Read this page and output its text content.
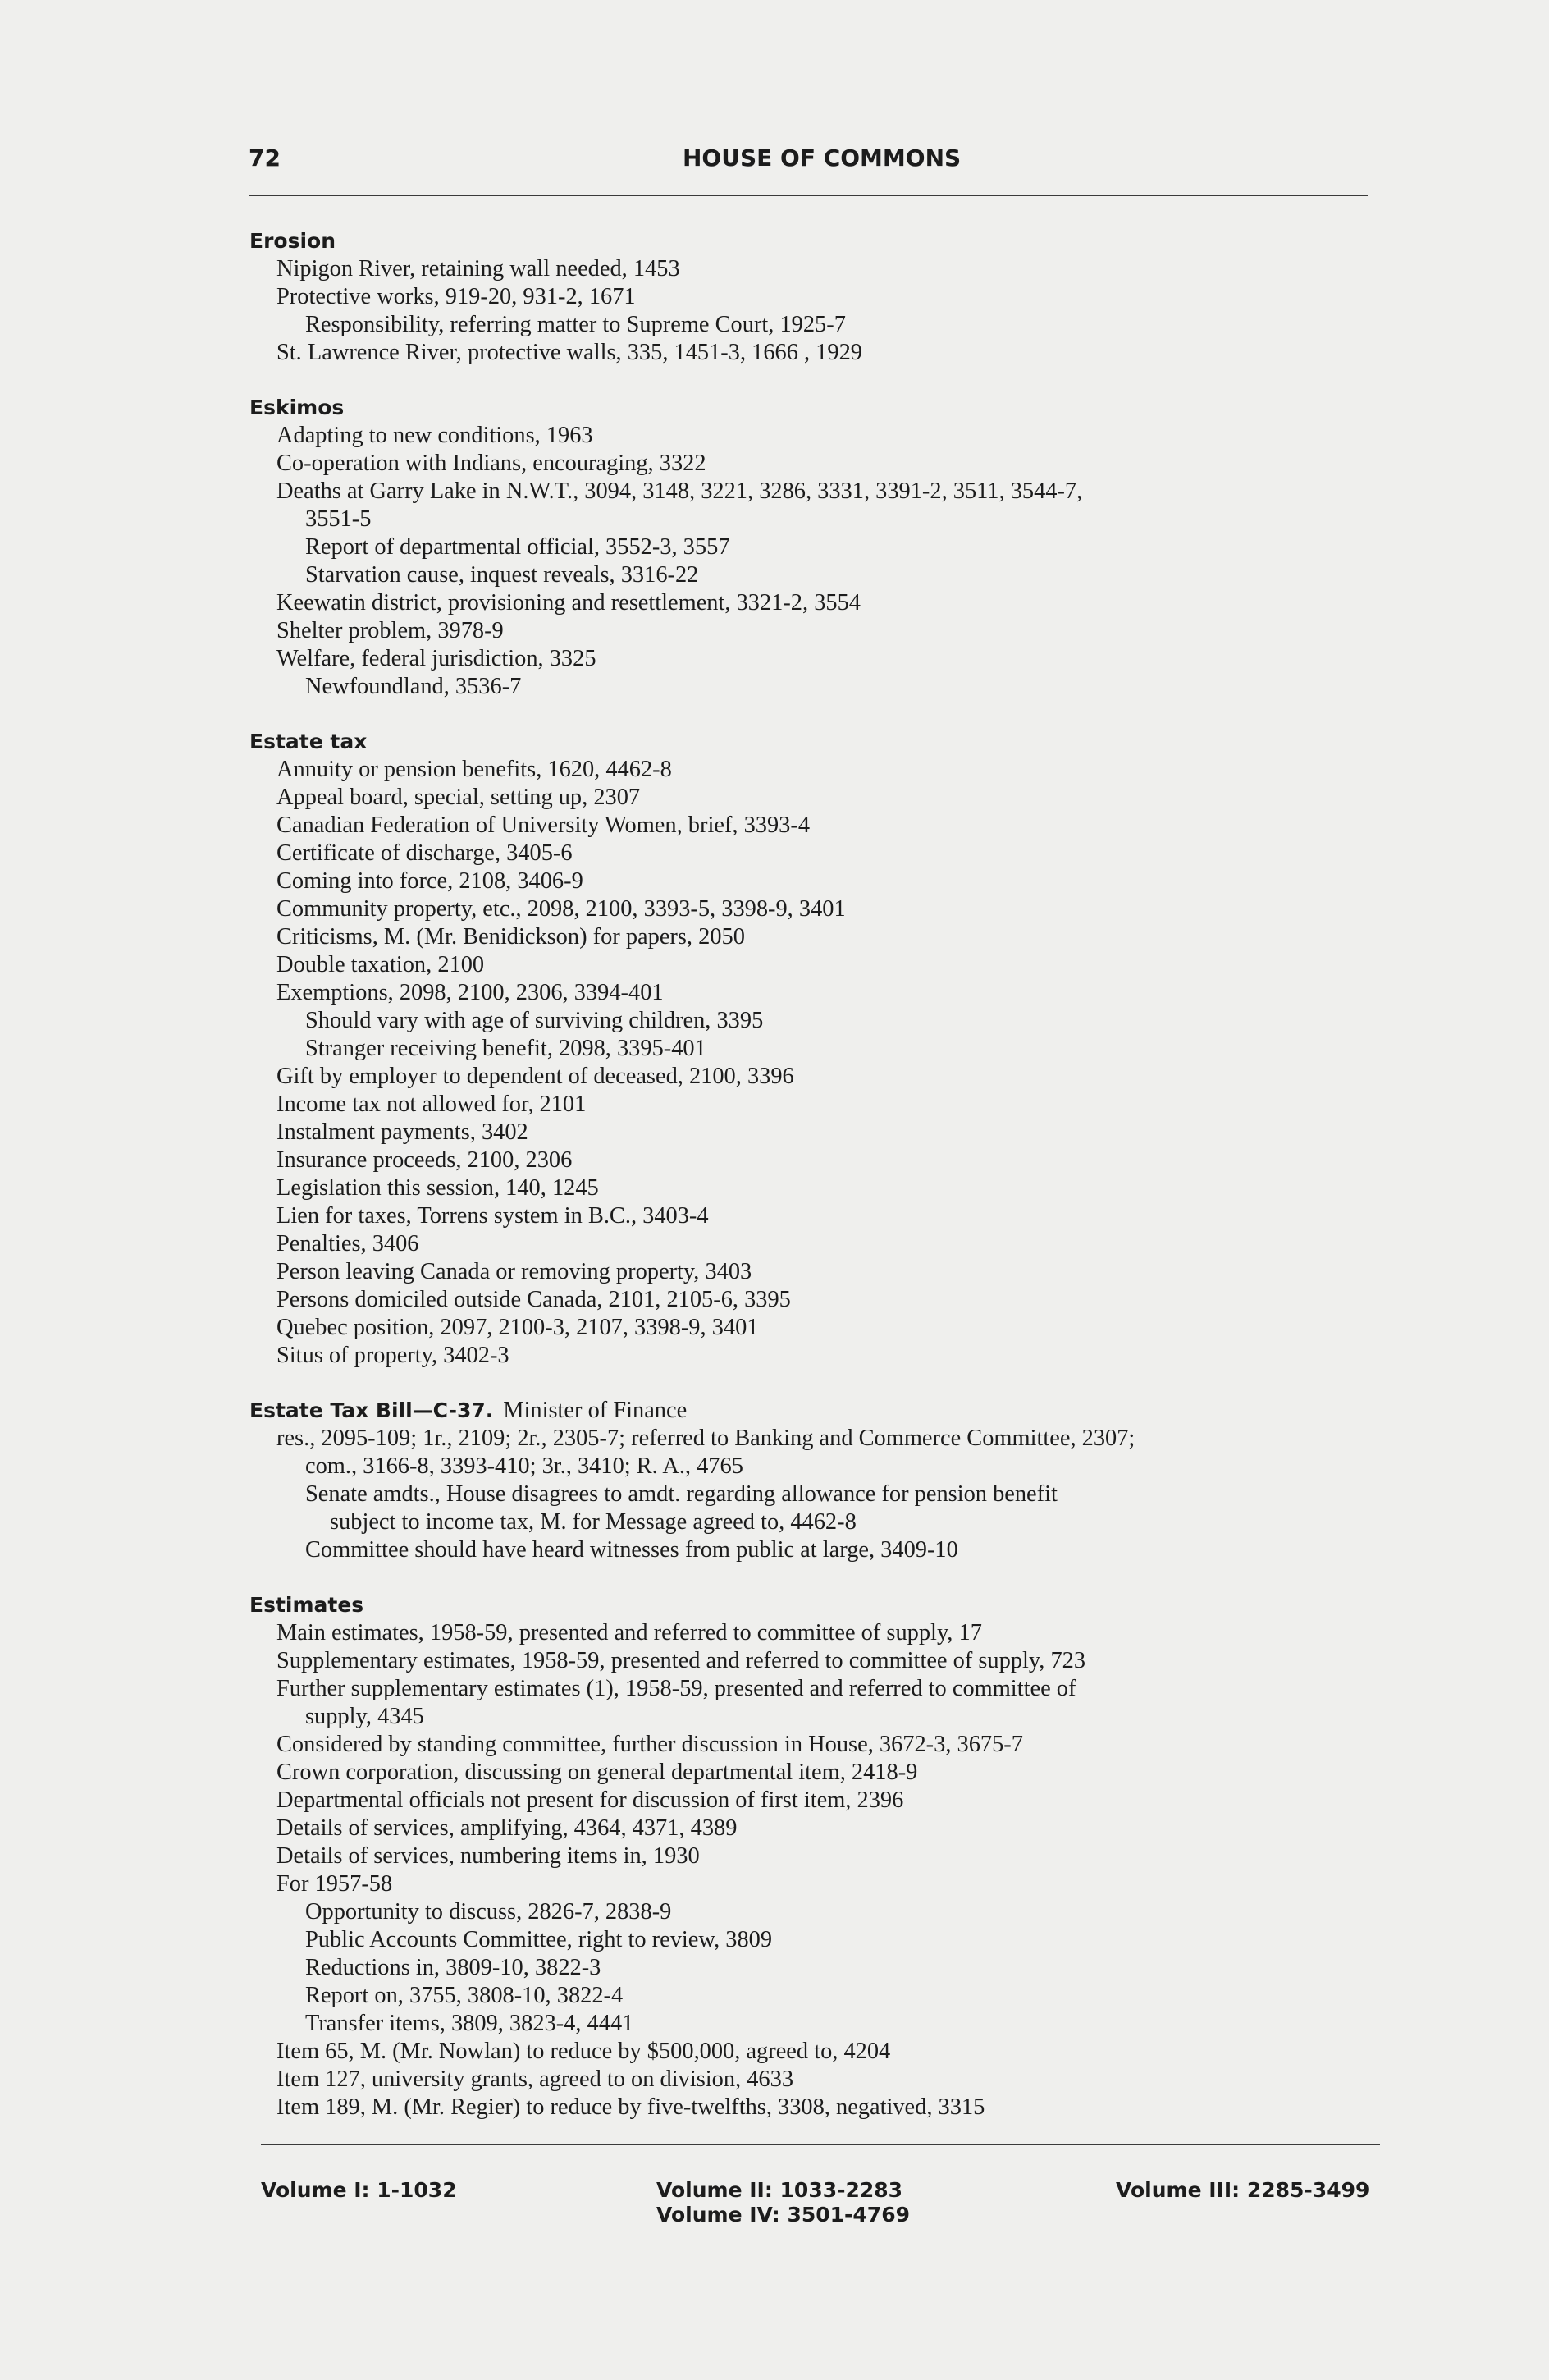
72	HOUSE OF COMMONS
Erosion
Nipigon River, retaining wall needed, 1453
Protective works, 919-20, 931-2, 1671
Responsibility, referring matter to Supreme Court, 1925-7
St. Lawrence River, protective walls, 335, 1451-3, 1666 , 1929
Eskimos
Adapting to new conditions, 1963
Co-operation with Indians, encouraging, 3322
Deaths at Garry Lake in N.W.T., 3094, 3148, 3221, 3286, 3331, 3391-2, 3511, 3544-7,
3551-5
Report of departmental official, 3552-3, 3557
Starvation cause, inquest reveals, 3316-22
Keewatin district, provisioning and resettlement, 3321-2, 3554
Shelter problem, 3978-9
Welfare, federal jurisdiction, 3325
Newfoundland, 3536-7
Estate tax
Annuity or pension benefits, 1620, 4462-8
Appeal board, special, setting up, 2307
Canadian Federation of University Women, brief, 3393-4
Certificate of discharge, 3405-6
Coming into force, 2108, 3406-9
Community property, etc., 2098, 2100, 3393-5, 3398-9, 3401
Criticisms, M. (Mr. Benidickson) for papers, 2050
Double taxation, 2100
Exemptions, 2098, 2100, 2306, 3394-401
Should vary with age of surviving children, 3395
Stranger receiving benefit, 2098, 3395-401
Gift by employer to dependent of deceased, 2100, 3396
Income tax not allowed for, 2101
Instalment payments, 3402
Insurance proceeds, 2100, 2306
Legislation this session, 140, 1245
Lien for taxes, Torrens system in B.C., 3403-4
Penalties, 3406
Person leaving Canada or removing property, 3403
Persons domiciled outside Canada, 2101, 2105-6, 3395
Quebec position, 2097, 2100-3, 2107, 3398-9, 3401
Situs of property, 3402-3
Estate Tax Bill—C-37. Minister of Finance
res., 2095-109; 1r., 2109; 2r., 2305-7; referred to Banking and Commerce Committee, 2307;
com., 3166-8, 3393-410; 3r., 3410; R. A., 4765
Senate amdts., House disagrees to amdt. regarding allowance for pension benefit
subject to income tax, M. for Message agreed to, 4462-8
Committee should have heard witnesses from public at large, 3409-10
Estimates
Main estimates, 1958-59, presented and referred to committee of supply, 17
Supplementary estimates, 1958-59, presented and referred to committee of supply, 723
Further supplementary estimates (1), 1958-59, presented and referred to committee of
supply, 4345
Considered by standing committee, further discussion in House, 3672-3, 3675-7
Crown corporation, discussing on general departmental item, 2418-9
Departmental officials not present for discussion of first item, 2396
Details of services, amplifying, 4364, 4371, 4389
Details of services, numbering items in, 1930
For 1957-58
Opportunity to discuss, 2826-7, 2838-9
Public Accounts Committee, right to review, 3809
Reductions in, 3809-10, 3822-3
Report on, 3755, 3808-10, 3822-4
Transfer items, 3809, 3823-4, 4441
Item 65, M. (Mr. Nowlan) to reduce by $500,000, agreed to, 4204
Item 127, university grants, agreed to on division, 4633
Item 189, M. (Mr. Regier) to reduce by five-twelfths, 3308, negatived, 3315
Volume I: 1-1032	Volume II: 1033-2283
Volume IV: 3501-4769
Volume III: 2285-3499
